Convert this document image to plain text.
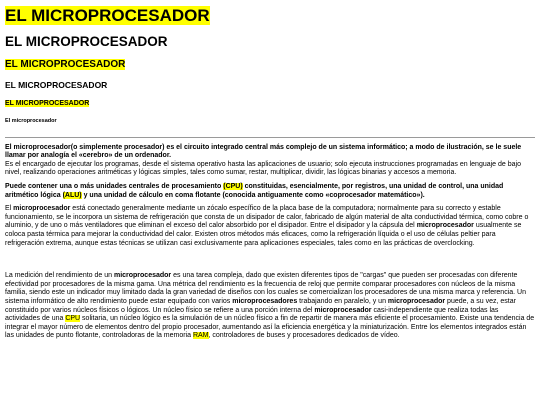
EL MICROPROCESADOR
EL MICROPROCESADOR
EL MICROPROCESADOR
EL MICROPROCESADOR
EL MICROPROCESADOR
El microprocesador

El microprocesador(o simplemente procesador) es el circuito integrado central más complejo de un sistema informático; a modo de ilustración, se le suele llamar por analogía el «cerebro» de un ordenador.
Es el encargado de ejecutar los programas, desde el sistema operativo hasta las aplicaciones de usuario; solo ejecuta instrucciones programadas en lenguaje de bajo nivel, realizando operaciones aritméticas y lógicas simples, tales como sumar, restar, multiplicar, dividir, las lógicas binarias y accesos a memoria.

Puede contener una o más unidades centrales de procesamiento (CPU) constituidas, esencialmente, por registros, una unidad de control, una unidad aritmético lógica (ALU) y una unidad de cálculo en coma flotante (conocida antiguamente como «coprocesador matemático»).

El microprocesador está conectado generalmente mediante un zócalo específico de la placa base de la computadora; normalmente para su correcto y estable funcionamiento, se le incorpora un sistema de refrigeración que consta de un disipador de calor, fabricado de algún material de alta conductividad térmica, como cobre o aluminio, y de uno o más ventiladores que eliminan el exceso del calor absorbido por el disipador. Entre el disipador y la cápsula del microprocesador usualmente se coloca pasta térmica para mejorar la conductividad del calor. Existen otros métodos más eficaces, como la refrigeración líquida o el uso de células peltier para refrigeración extrema, aunque estas técnicas se utilizan casi exclusivamente para aplicaciones especiales, tales como en las prácticas de overclocking.

La medición del rendimiento de un microprocesador es una tarea compleja, dado que existen diferentes tipos de "cargas" que pueden ser procesadas con diferente efectividad por procesadores de la misma gama. Una métrica del rendimiento es la frecuencia de reloj que permite comparar procesadores con núcleos de la misma familia, siendo este un indicador muy limitado dada la gran variedad de diseños con los cuales se comercializan los procesadores de una misma marca y referencia. Un sistema informático de alto rendimiento puede estar equipado con varios microprocesadores trabajando en paralelo, y un microprocesador puede, a su vez, estar constituido por varios núcleos físicos o lógicos. Un núcleo físico se refiere a una porción interna del microprocesador casi-independiente que realiza todas las actividades de una CPU solitaria, un núcleo lógico es la simulación de un núcleo físico a fin de repartir de manera más eficiente el procesamiento. Existe una tendencia de integrar el mayor número de elementos dentro del propio procesador, aumentando así la eficiencia energética y la miniaturización. Entre los elementos integrados están las unidades de punto flotante, controladoras de la memoria RAM, controladores de buses y procesadores dedicados de vídeo.
